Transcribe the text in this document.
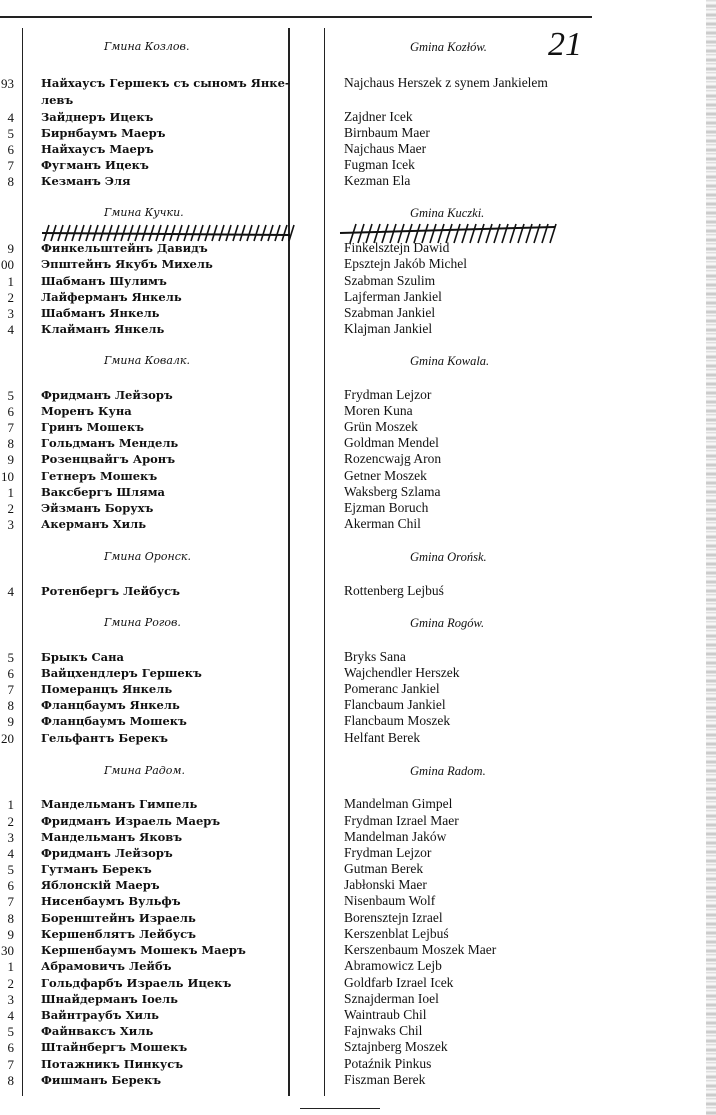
21
Гмина Козлов.	Gmina Kozłów.
93 Найхаусъ Гершекъ съ сыномъ Янке-	Najchaus Herszek z synem Jankielem
левъ
4 Зайднеръ Ицекъ	Zajdner Icek
5 Бирнбаумъ Маеръ	Birnbaum Maer
6 Найхаусъ Маеръ	Najchaus Maer
7 Фугманъ Ицекъ	Fugman Icek
8 Кезманъ Эля	Kezman Ela
Гмина Кучки.	Gmina Kuczki.
9 Финкельштейнъ Давидъ	Finkelsztejn Dawid
00 Эпштейнъ Якубъ Михель	Epsztejn Jakób Michel
1 Шабманъ Шулимъ	Szabman Szulim
2 Лайферманъ Янкель	Lajferman Jankiel
3 Шабманъ Янкель	Szabman Jankiel
4 Клайманъ Янкель	Klajman Jankiel
Гмина Ковалк.	Gmina Kowala.
5 Фридманъ Лейзоръ	Frydman Lejzor
6 Моренъ Куна	Moren Kuna
7 Гринъ Мошекъ	Grün Moszek
8 Гольдманъ Мендель	Goldman Mendel
9 Розенцвайгъ Аронъ	Rozencwajg Aron
10 Гетнеръ Мошекъ	Getner Moszek
1 Ваксбергъ Шляма	Waksberg Szlama
2 Эйзманъ Борухъ	Ejzman Boruch
3 Акерманъ Хиль	Akerman Chil
Гмина Оронск.	Gmina Orońsk.
4 Ротенбергъ Лейбусъ	Rottenberg Lejbuś
Гмина Рогов.	Gmina Rogów.
5 Брыкъ Сана	Bryks Sana
6 Вайцхендлеръ Гершекъ	Wajchendler Herszek
7 Померанцъ Янкель	Pomeranc Jankiel
8 Фланцбаумъ Янкель	Flancbaum Jankiel
9 Фланцбаумъ Мошекъ	Flancbaum Moszek
20 Гельфантъ Берекъ	Helfant Berek
Гмина Радом.	Gmina Radom.
1 Мандельманъ Гимпель	Mandelman Gimpel
2 Фридманъ Израель Маеръ	Frydman Izrael Maer
3 Мандельманъ Яковъ	Mandelman Jaków
4 Фридманъ Лейзоръ	Frydman Lejzor
5 Гутманъ Берекъ	Gutman Berek
6 Яблонскій Маеръ	Jabłonski Maer
7 Нисенбаумъ Вульфъ	Nisenbaum Wolf
8 Боренштейнъ Израель	Borensztejn Izrael
9 Кершенблятъ Лейбусъ	Kerszenblat Lejbuś
30 Кершенбаумъ Мошекъ Маеръ	Kerszenbaum Moszek Maer
1 Абрамовичъ Лейбъ	Abramowicz Lejb
2 Гольдфарбъ Израель Ицекъ	Goldfarb Izrael Icek
3 Шнайдерманъ Іоель	Sznajderman Ioel
4 Вайнтраубъ Хиль	Waintraub Chil
5 Файнваксъ Хиль	Fajnwaks Chil
6 Штайнбергъ Мошекъ	Sztajnberg Moszek
7 Потажникъ Пинкусъ	Potaźnik Pinkus
8 Фишманъ Берекъ	Fiszman Berek
